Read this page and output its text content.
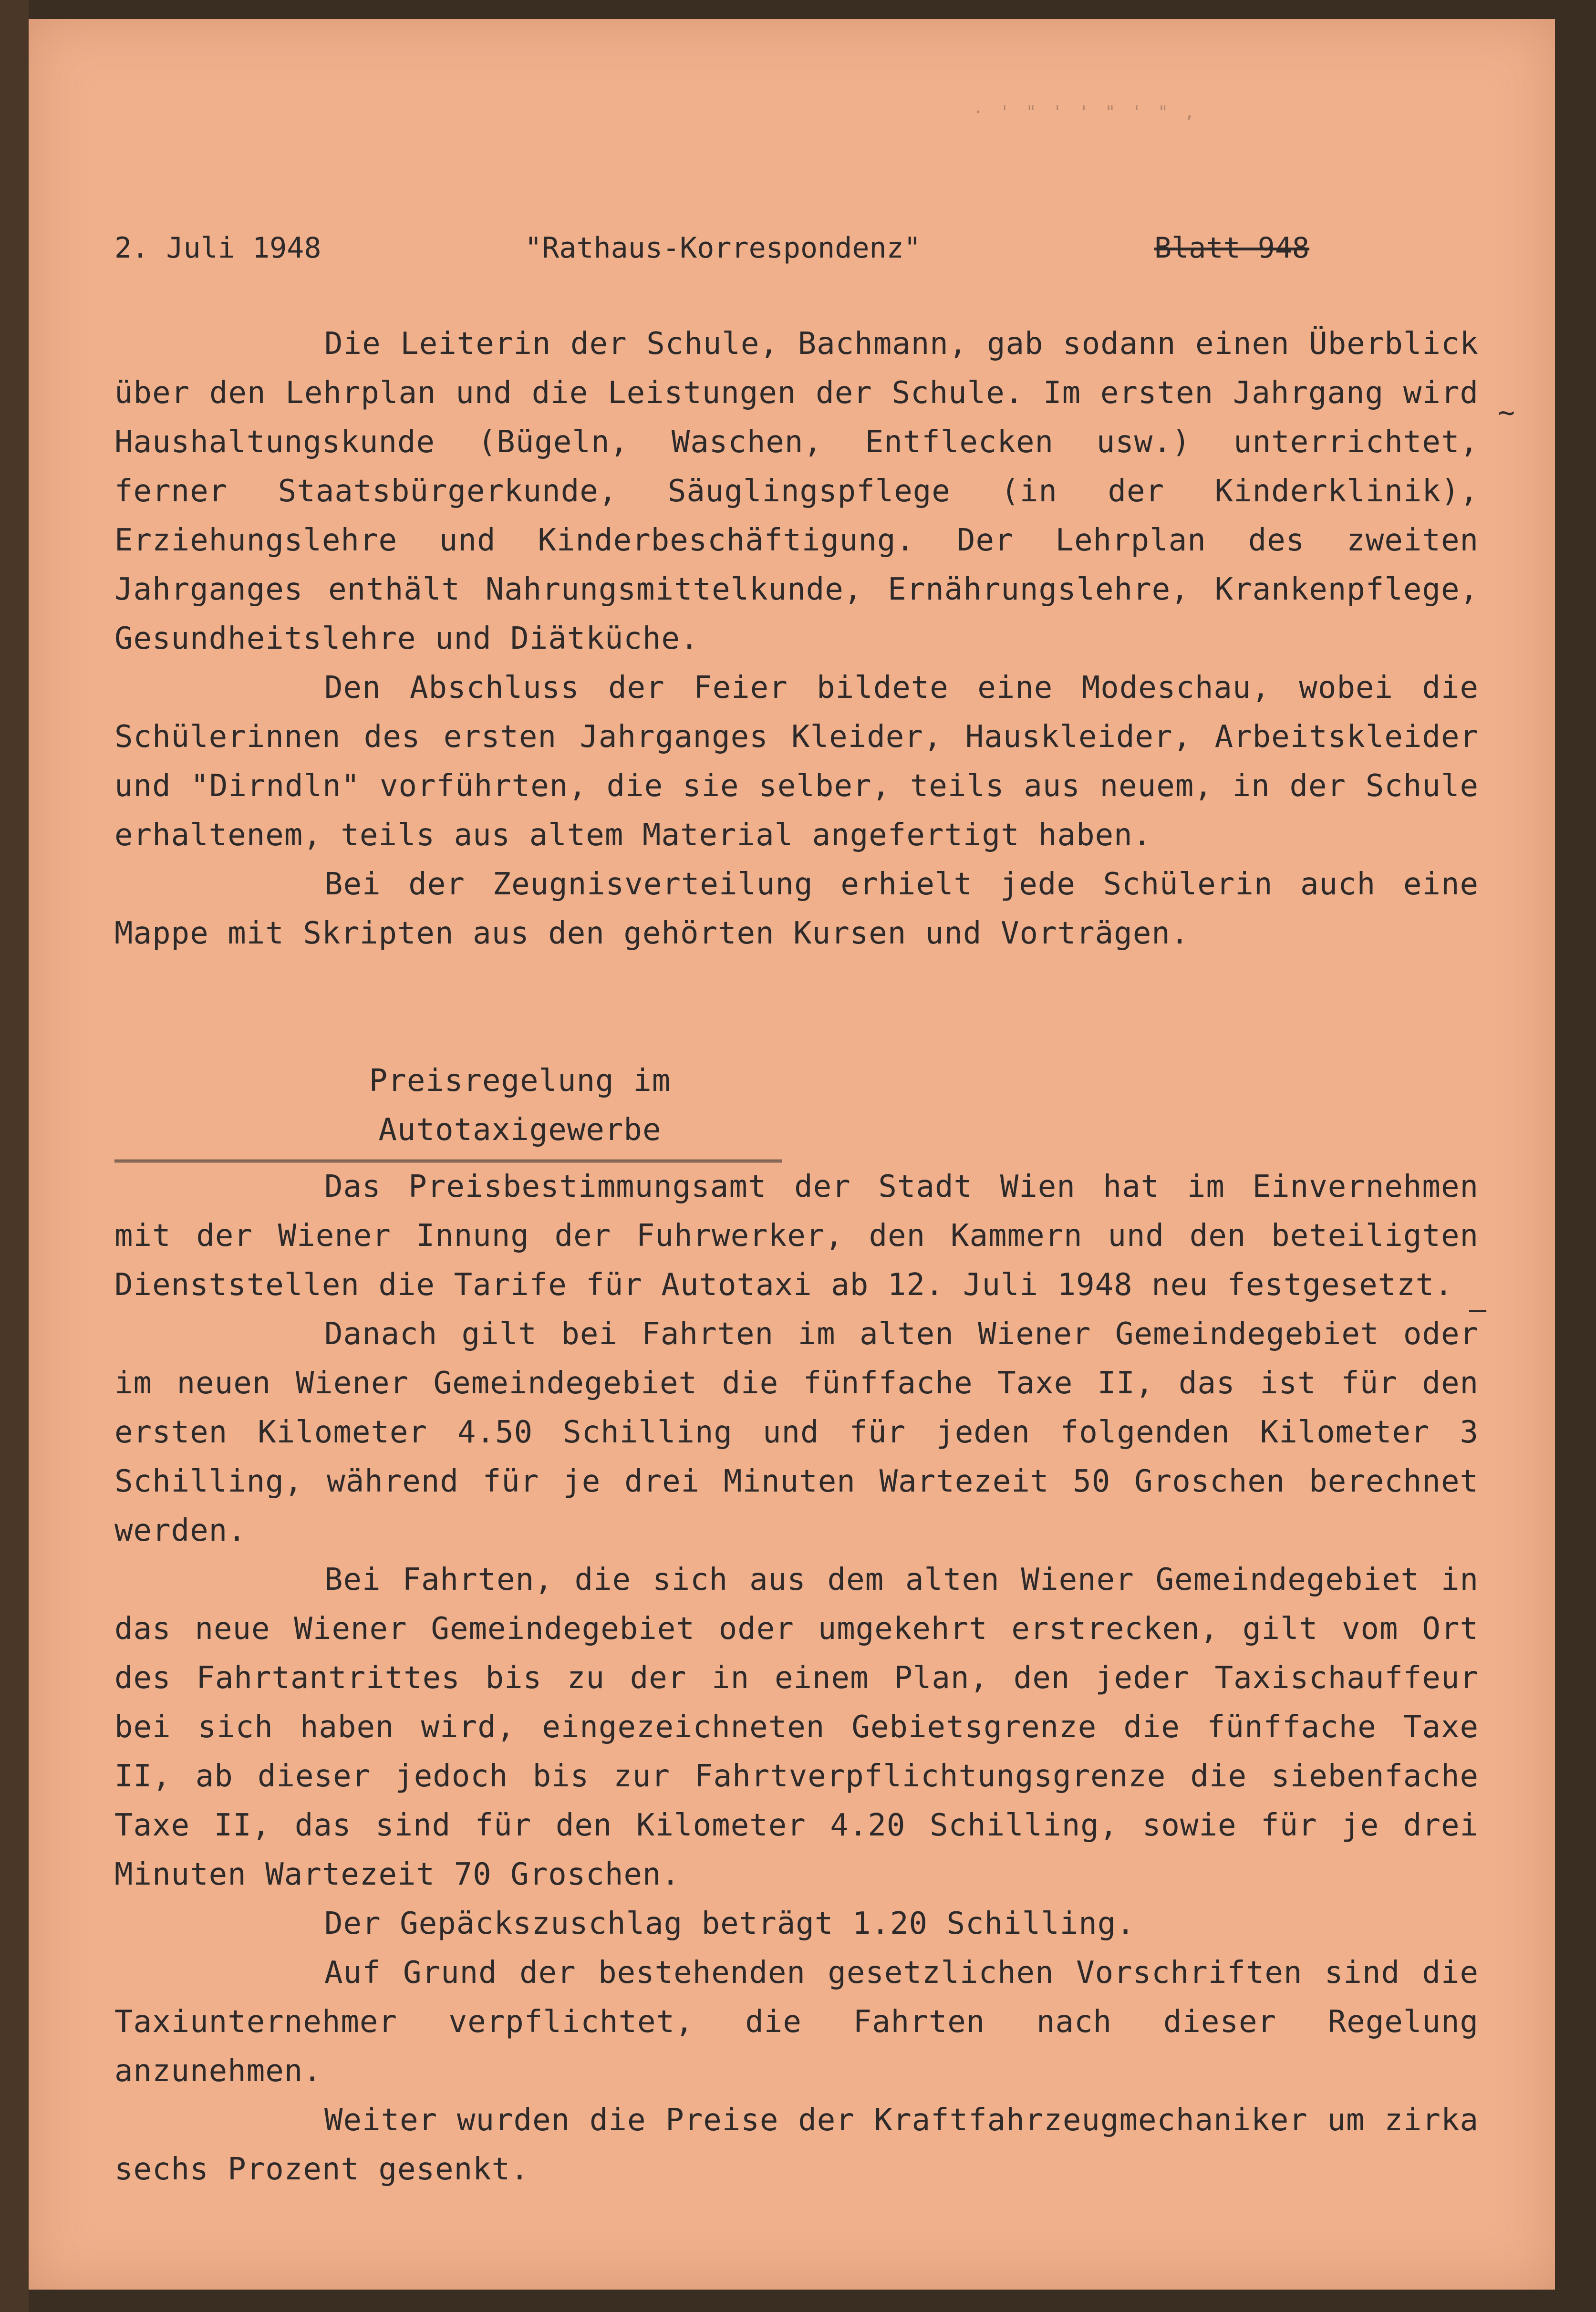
· ' " ' ' " ' " ,
2. Juli 1948	"Rathaus-Korrespondenz"	Blatt 948
~
—

Die Leiterin der Schule, Bachmann, gab sodann einen Überblick über den Lehrplan und die Leistungen der Schule. Im ersten Jahrgang wird Haushaltungskunde (Bügeln, Waschen, Entflecken usw.) unterrichtet, ferner Staatsbürgerkunde, Säuglingspflege (in der Kinderklinik), Erziehungslehre und Kinderbeschäftigung. Der Lehrplan des zweiten Jahrganges enthält Nahrungsmittelkunde, Ernährungslehre, Krankenpflege, Gesundheitslehre und Diätküche.

Den Abschluss der Feier bildete eine Modeschau, wobei die Schülerinnen des ersten Jahrganges Kleider, Hauskleider, Arbeitskleider und "Dirndln" vorführten, die sie selber, teils aus neuem, in der Schule erhaltenem, teils aus altem Material angefertigt haben.

Bei der Zeugnisverteilung erhielt jede Schülerin auch eine Mappe mit Skripten aus den gehörten Kursen und Vorträgen.

Preisregelung im Autotaxigewerbe

Das Preisbestimmungsamt der Stadt Wien hat im Einvernehmen mit der Wiener Innung der Fuhrwerker, den Kammern und den beteiligten Dienststellen die Tarife für Autotaxi ab 12. Juli 1948 neu festgesetzt.

Danach gilt bei Fahrten im alten Wiener Gemeindegebiet oder im neuen Wiener Gemeindegebiet die fünffache Taxe II, das ist für den ersten Kilometer 4.50 Schilling und für jeden folgenden Kilometer 3 Schilling, während für je drei Minuten Wartezeit 50 Groschen berechnet werden.

Bei Fahrten, die sich aus dem alten Wiener Gemeindegebiet in das neue Wiener Gemeindegebiet oder umgekehrt erstrecken, gilt vom Ort des Fahrtantrittes bis zu der in einem Plan, den jeder Taxischauffeur bei sich haben wird, eingezeichneten Gebietsgrenze die fünffache Taxe II, ab dieser jedoch bis zur Fahrtverpflichtungsgrenze die siebenfache Taxe II, das sind für den Kilometer 4.20 Schilling, sowie für je drei Minuten Wartezeit 70 Groschen.

Der Gepäckszuschlag beträgt 1.20 Schilling.

Auf Grund der bestehenden gesetzlichen Vorschriften sind die Taxiunternehmer verpflichtet, die Fahrten nach dieser Regelung anzunehmen.

Weiter wurden die Preise der Kraftfahrzeugmechaniker um zirka sechs Prozent gesenkt.
